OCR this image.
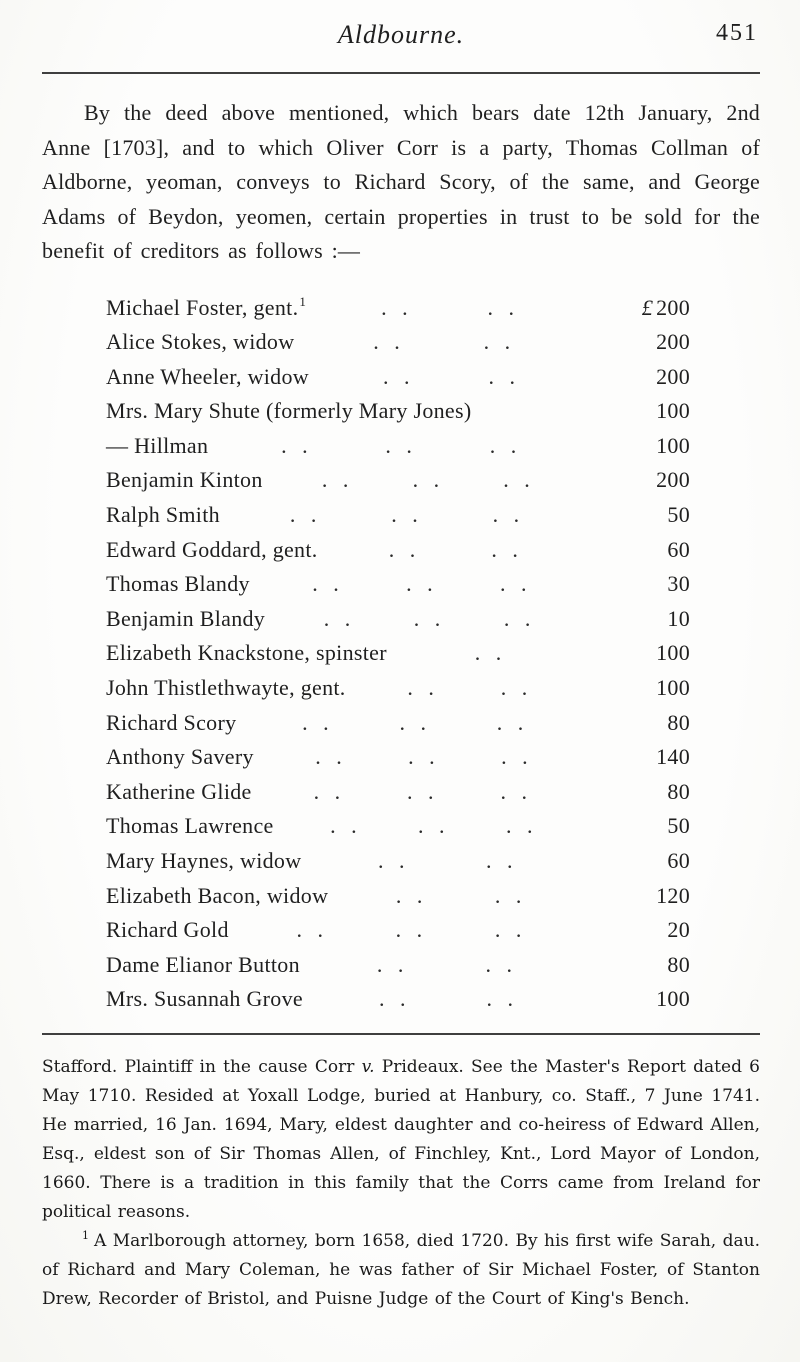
Aldbourne.	451

By the deed above mentioned, which bears date 12th January, 2nd Anne [1703], and to which Oliver Corr is a party, Thomas Collman of Aldborne, yeoman, conveys to Richard Scory, of the same, and George Adams of Beydon, yeomen, certain properties in trust to be sold for the benefit of creditors as follows :—

Michael Foster, gent.$^1$	. .	. .	£ 200
Alice Stokes, widow	. .	. .	200
Anne Wheeler, widow	. .	. .	200
Mrs. Mary Shute (formerly Mary Jones)	100
— Hillman	. .	. .	. .	100
Benjamin Kinton	. .	. .	. .	200
Ralph Smith	. .	. .	. .	50
Edward Goddard, gent.	. .	. .	60
Thomas Blandy	. .	. .	. .	30
Benjamin Blandy	. .	. .	. .	10
Elizabeth Knackstone, spinster	. .	100
John Thistlethwayte, gent.	. .	. .	100
Richard Scory	. .	. .	. .	80
Anthony Savery	. .	. .	. .	140
Katherine Glide	. .	. .	. .	80
Thomas Lawrence	. .	. .	. .	50
Mary Haynes, widow	. .	. .	60
Elizabeth Bacon, widow	. .	. .	120
Richard Gold	. .	. .	. .	20
Dame Elianor Button	. .	. .	80
Mrs. Susannah Grove	. .	. .	100

Stafford. Plaintiff in the cause Corr v. Prideaux. See the Master's Report dated 6 May 1710. Resided at Yoxall Lodge, buried at Hanbury, co. Staff., 7 June 1741. He married, 16 Jan. 1694, Mary, eldest daughter and co-heiress of Edward Allen, Esq., eldest son of Sir Thomas Allen, of Finchley, Knt., Lord Mayor of London, 1660. There is a tradition in this family that the Corrs came from Ireland for political reasons.

$^1$ A Marlborough attorney, born 1658, died 1720. By his first wife Sarah, dau. of Richard and Mary Coleman, he was father of Sir Michael Foster, of Stanton Drew, Recorder of Bristol, and Puisne Judge of the Court of King's Bench.
